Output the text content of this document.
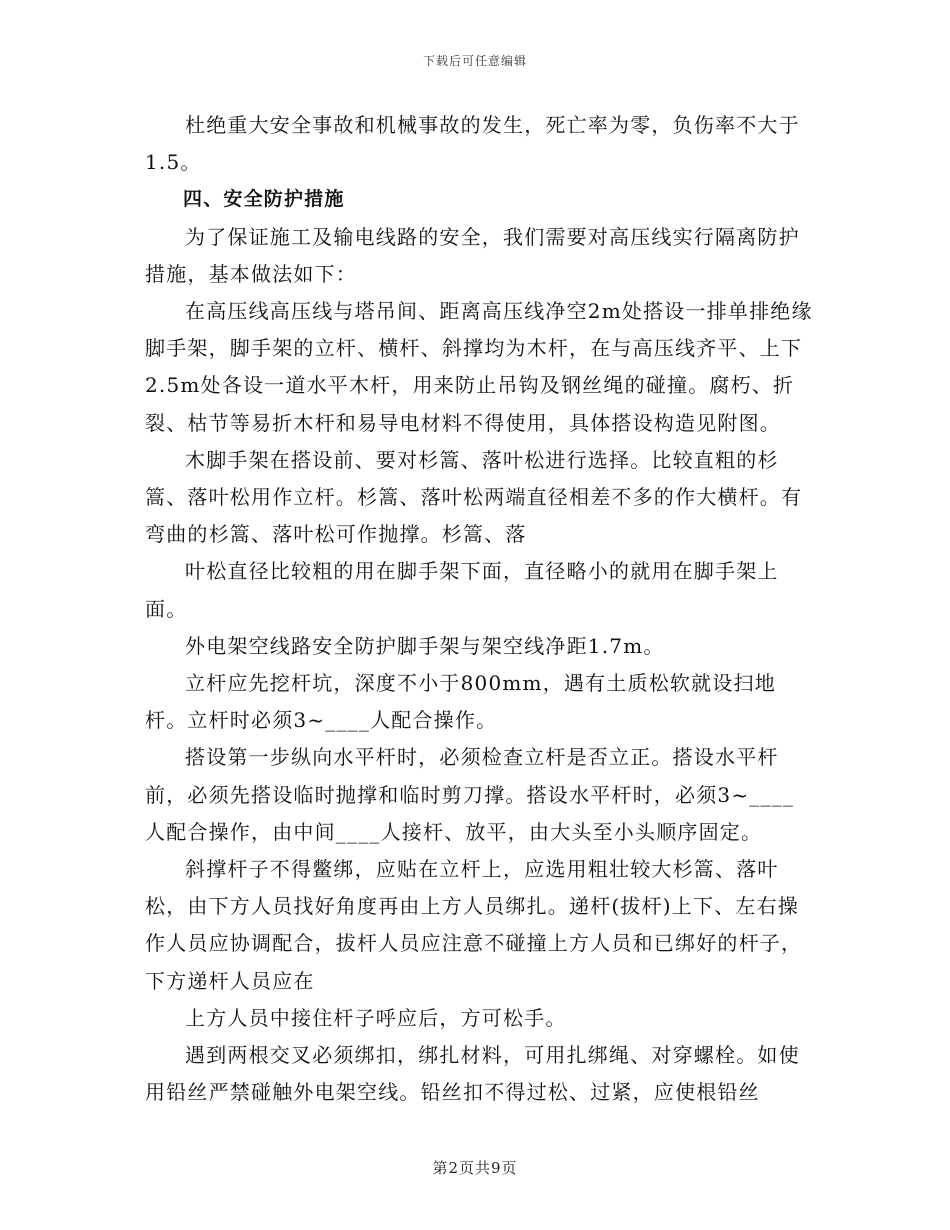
下载后可任意编辑

杜绝重大安全事故和机械事故的发生，死亡率为零，负伤率不大于1.5。

四、安全防护措施

为了保证施工及输电线路的安全，我们需要对高压线实行隔离防护措施，基本做法如下：

在高压线高压线与塔吊间、距离高压线净空2m处搭设一排单排绝缘脚手架，脚手架的立杆、横杆、斜撑均为木杆，在与高压线齐平、上下2.5m处各设一道水平木杆，用来防止吊钩及钢丝绳的碰撞。腐朽、折裂、枯节等易折木杆和易导电材料不得使用，具体搭设构造见附图。

木脚手架在搭设前、要对杉篙、落叶松进行选择。比较直粗的杉篙、落叶松用作立杆。杉篙、落叶松两端直径相差不多的作大横杆。有弯曲的杉篙、落叶松可作抛撑。杉篙、落

叶松直径比较粗的用在脚手架下面，直径略小的就用在脚手架上面。

外电架空线路安全防护脚手架与架空线净距1.7m。

立杆应先挖杆坑，深度不小于800mm，遇有土质松软就设扫地杆。立杆时必须3~____人配合操作。

搭设第一步纵向水平杆时，必须检查立杆是否立正。搭设水平杆前，必须先搭设临时抛撑和临时剪刀撑。搭设水平杆时，必须3~____人配合操作，由中间____人接杆、放平，由大头至小头顺序固定。

斜撑杆子不得鳖绑，应贴在立杆上，应选用粗壮较大杉篙、落叶松，由下方人员找好角度再由上方人员绑扎。递杆(拔杆)上下、左右操作人员应协调配合，拔杆人员应注意不碰撞上方人员和已绑好的杆子，下方递杆人员应在

上方人员中接住杆子呼应后，方可松手。

遇到两根交叉必须绑扣，绑扎材料，可用扎绑绳、对穿螺栓。如使用铅丝严禁碰触外电架空线。铅丝扣不得过松、过紧，应使根铅丝

第2页共9页
